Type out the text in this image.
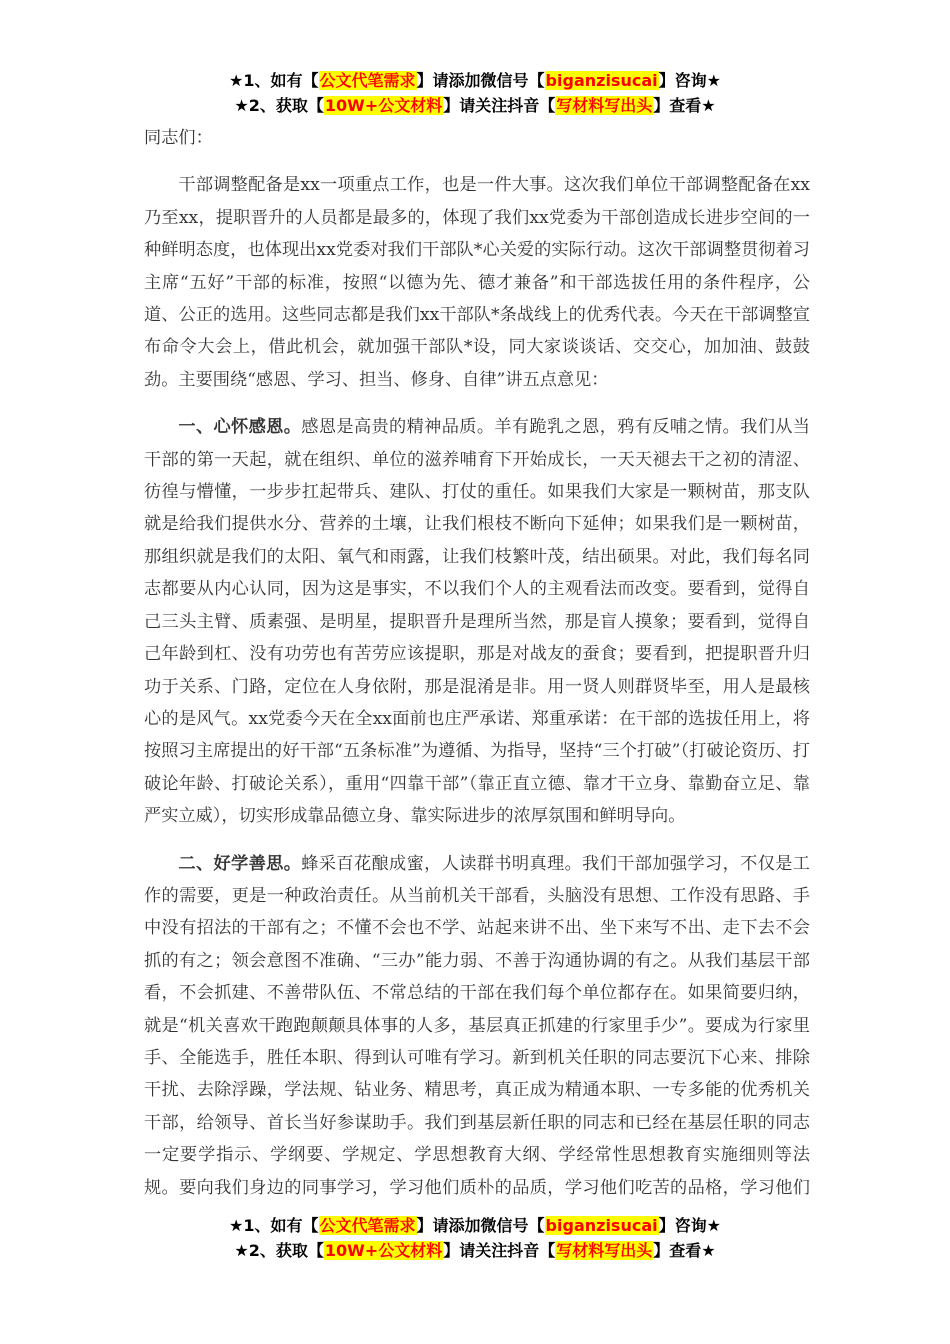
★1、如有【公文代笔需求】请添加微信号【biganzisucai】咨询★
★2、获取【10W+公文材料】请关注抖音【写材料写出头】查看★

同志们：

干部调整配备是xx一项重点工作，也是一件大事。这次我们单位干部调整配备在xx乃至xx，提职晋升的人员都是最多的，体现了我们xx党委为干部创造成长进步空间的一种鲜明态度，也体现出xx党委对我们干部队*心关爱的实际行动。这次干部调整贯彻着习主席“五好”干部的标准，按照“以德为先、德才兼备”和干部选拔任用的条件程序，公道、公正的选用。这些同志都是我们xx干部队*条战线上的优秀代表。今天在干部调整宣布命令大会上，借此机会，就加强干部队*设，同大家谈谈话、交交心，加加油、鼓鼓劲。主要围绕“感恩、学习、担当、修身、自律”讲五点意见：

一、心怀感恩。感恩是高贵的精神品质。羊有跪乳之恩，鸦有反哺之情。我们从当干部的第一天起，就在组织、单位的滋养哺育下开始成长，一天天褪去干之初的清涩、彷徨与懵懂，一步步扛起带兵、建队、打仗的重任。如果我们大家是一颗树苗，那支队就是给我们提供水分、营养的土壤，让我们根枝不断向下延伸；如果我们是一颗树苗，那组织就是我们的太阳、氧气和雨露，让我们枝繁叶茂，结出硕果。对此，我们每名同志都要从内心认同，因为这是事实，不以我们个人的主观看法而改变。要看到，觉得自己三头主臂、质素强、是明星，提职晋升是理所当然，那是盲人摸象；要看到，觉得自己年龄到杠、没有功劳也有苦劳应该提职，那是对战友的蚕食；要看到，把提职晋升归功于关系、门路，定位在人身依附，那是混淆是非。用一贤人则群贤毕至，用人是最核心的是风气。xx党委今天在全xx面前也庄严承诺、郑重承诺：在干部的选拔任用上，将按照习主席提出的好干部“五条标准”为遵循、为指导，坚持“三个打破”（打破论资历、打破论年龄、打破论关系），重用“四靠干部”（靠正直立德、靠才干立身、靠勤奋立足、靠严实立威），切实形成靠品德立身、靠实际进步的浓厚氛围和鲜明导向。

二、好学善思。蜂采百花酿成蜜，人读群书明真理。我们干部加强学习，不仅是工作的需要，更是一种政治责任。从当前机关干部看，头脑没有思想、工作没有思路、手中没有招法的干部有之；不懂不会也不学、站起来讲不出、坐下来写不出、走下去不会抓的有之；领会意图不准确、“三办”能力弱、不善于沟通协调的有之。从我们基层干部看，不会抓建、不善带队伍、不常总结的干部在我们每个单位都存在。如果简要归纳，就是“机关喜欢干跑跑颠颠具体事的人多，基层真正抓建的行家里手少”。要成为行家里手、全能选手，胜任本职、得到认可唯有学习。新到机关任职的同志要沉下心来、排除干扰、去除浮躁，学法规、钻业务、精思考，真正成为精通本职、一专多能的优秀机关干部，给领导、首长当好参谋助手。我们到基层新任职的同志和已经在基层任职的同志一定要学指示、学纲要、学规定、学思想教育大纲、学经常性思想教育实施细则等法规。要向我们身边的同事学习，学习他们质朴的品质，学习他们吃苦的品格，学习他们

★1、如有【公文代笔需求】请添加微信号【biganzisucai】咨询★
★2、获取【10W+公文材料】请关注抖音【写材料写出头】查看★
